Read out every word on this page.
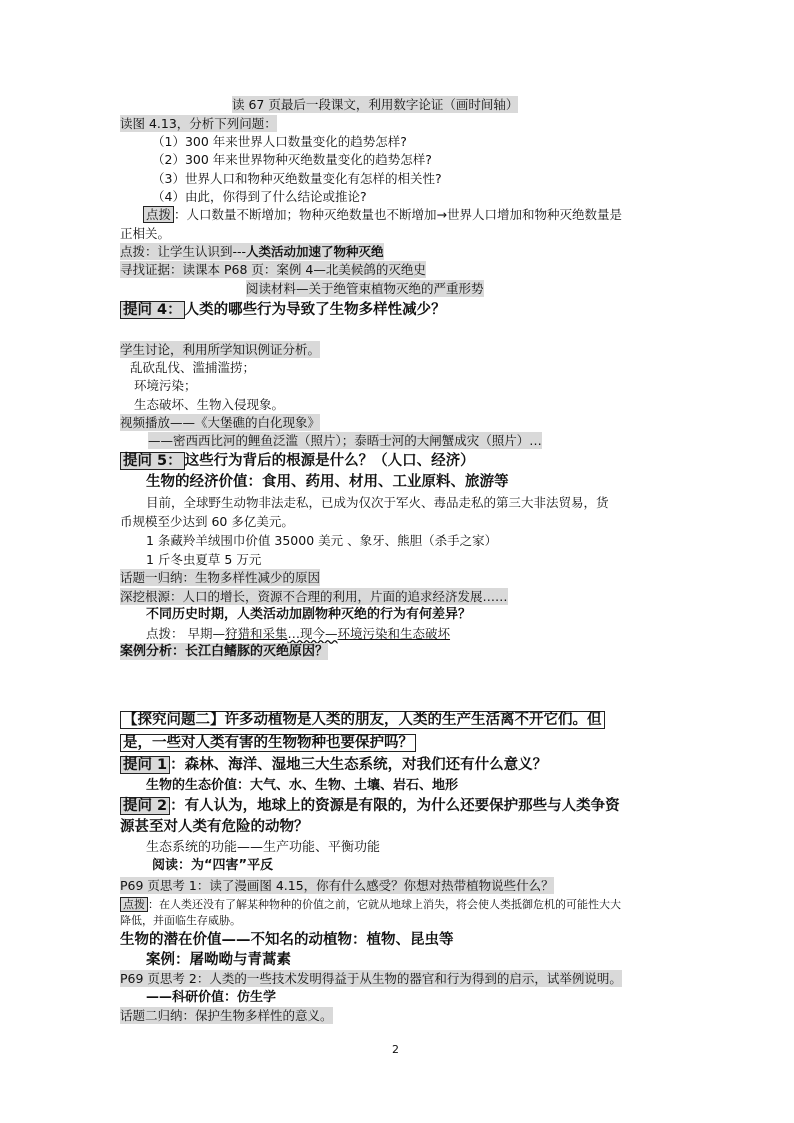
读 67 页最后一段课文，利用数字论证（画时间轴）
读图 4.13，分析下列问题：
（1）300 年来世界人口数量变化的趋势怎样?
（2）300 年来世界物种灭绝数量变化的趋势怎样?
（3）世界人口和物种灭绝数量变化有怎样的相关性?
（4）由此，你得到了什么结论或推论?
点拨 ：人口数量不断增加；物种灭绝数量也不断增加→世界人口增加和物种灭绝数量是
正相关。
点拨：让学生认识到---人类活动加速了物种灭绝
寻找证据：读课本 P68 页：案例 4—北美候鸽的灭绝史
阅读材料—关于绝管束植物灭绝的严重形势
提问 4： 人类的哪些行为导致了生物多样性减少？
学生讨论，利用所学知识例证分析。
乱砍乱伐、滥捕滥捞；
环境污染；
生态破坏、生物入侵现象。
视频播放——《大堡礁的白化现象》
——密西西比河的鲤鱼泛滥（照片）；泰晤士河的大闸蟹成灾（照片）…
提问 5： 这些行为背后的根源是什么？（人口、经济）
生物的经济价值：食用、药用、材用、工业原料、旅游等
目前，全球野生动物非法走私，已成为仅次于军火、毒品走私的第三大非法贸易，货
币规模至少达到 60 多亿美元。
1 条藏羚羊绒围巾价值 35000 美元 、象牙、熊胆（杀手之家）
1 斤冬虫夏草 5 万元
话题一归纳：生物多样性减少的原因
深挖根源：人口的增长，资源不合理的利用，片面的追求经济发展……
不同历史时期，人类活动加剧物种灭绝的行为有何差异？
点拨： 早期—狩猎和采集…现今—环境污染和生态破坏
案例分析：长江白鳍豚的灭绝原因？
【探究问题二】许多动植物是人类的朋友，人类的生产生活离不开它们。但
是，一些对人类有害的生物物种也要保护吗？
提问 1 ：森林、海洋、湿地三大生态系统，对我们还有什么意义？
生物的生态价值：大气、水、生物、土壤、岩石、地形
提问 2 ：有人认为，地球上的资源是有限的，为什么还要保护那些与人类争资
源甚至对人类有危险的动物？
生态系统的功能——生产功能、平衡功能
阅读：为“四害”平反
P69 页思考 1：读了漫画图 4.15，你有什么感受？你想对热带植物说些什么？
点拨 ：在人类还没有了解某种物种的价值之前，它就从地球上消失，将会使人类抵御危机的可能性大大
降低，并面临生存威胁。
生物的潜在价值——不知名的动植物：植物、昆虫等
案例：屠呦呦与青蒿素
P69 页思考 2：人类的一些技术发明得益于从生物的器官和行为得到的启示，试举例说明。
——科研价值：仿生学
话题二归纳：保护生物多样性的意义。
2
